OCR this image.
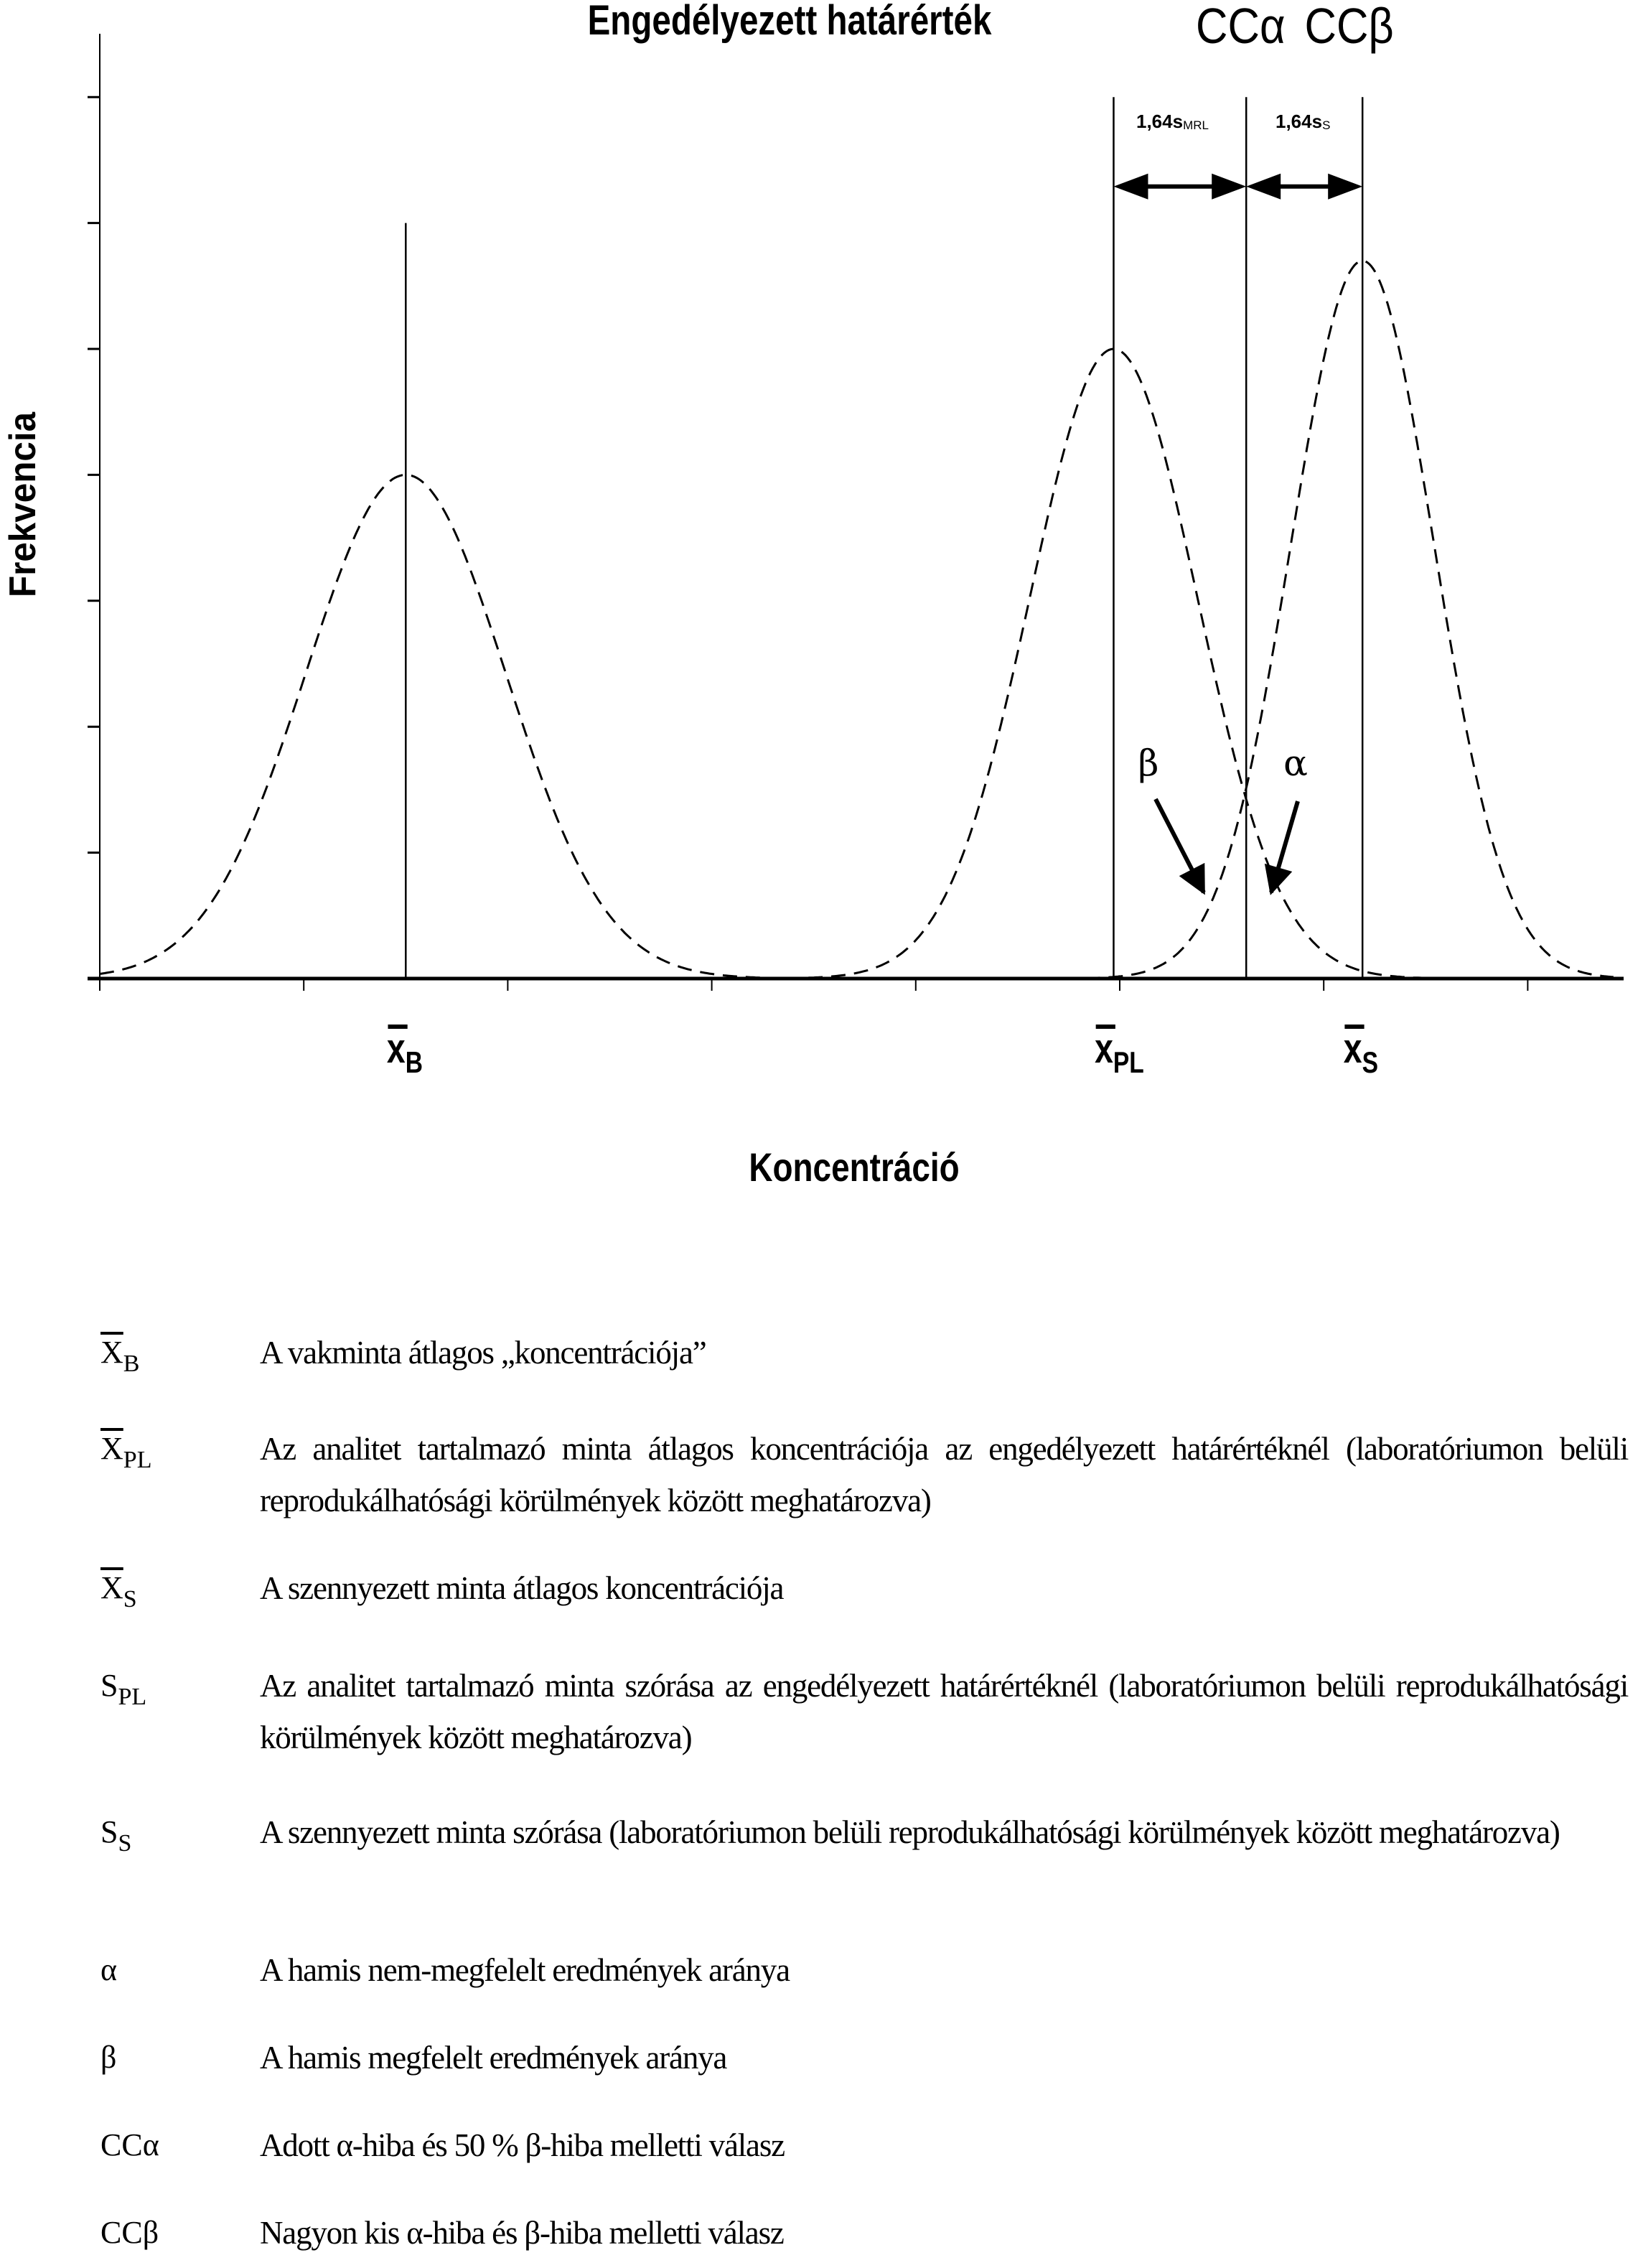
Engedélyezett határérték	CCα CCβ
Frekvencia
1,64sMRL	1,64sS
β	α
$x_B$	$x_{PL}$	$x_S$
Koncentráció
$\overline{X}_B$	A vakminta átlagos „koncentrációja”
$\overline{X}_{PL}$	Az analitet tartalmazó minta átlagos koncentrációja az engedélyezett határértéknél (laboratóriumon belüli reprodukálhatósági körülmények között meghatározva)
$\overline{X}_S$	A szennyezett minta átlagos koncentrációja
$S_{PL}$	Az analitet tartalmazó minta szórása az engedélyezett határértéknél (laboratóriumon belüli reprodukálhatósági körülmények között meghatározva)
$S_S$	A szennyezett minta szórása (laboratóriumon belüli reprodukálhatósági körülmények között meghatározva)
α	A hamis nem-megfelelt eredmények aránya
β	A hamis megfelelt eredmények aránya
CCα	Adott α-hiba és 50 % β-hiba melletti válasz
CCβ	Nagyon kis α-hiba és β-hiba melletti válasz
